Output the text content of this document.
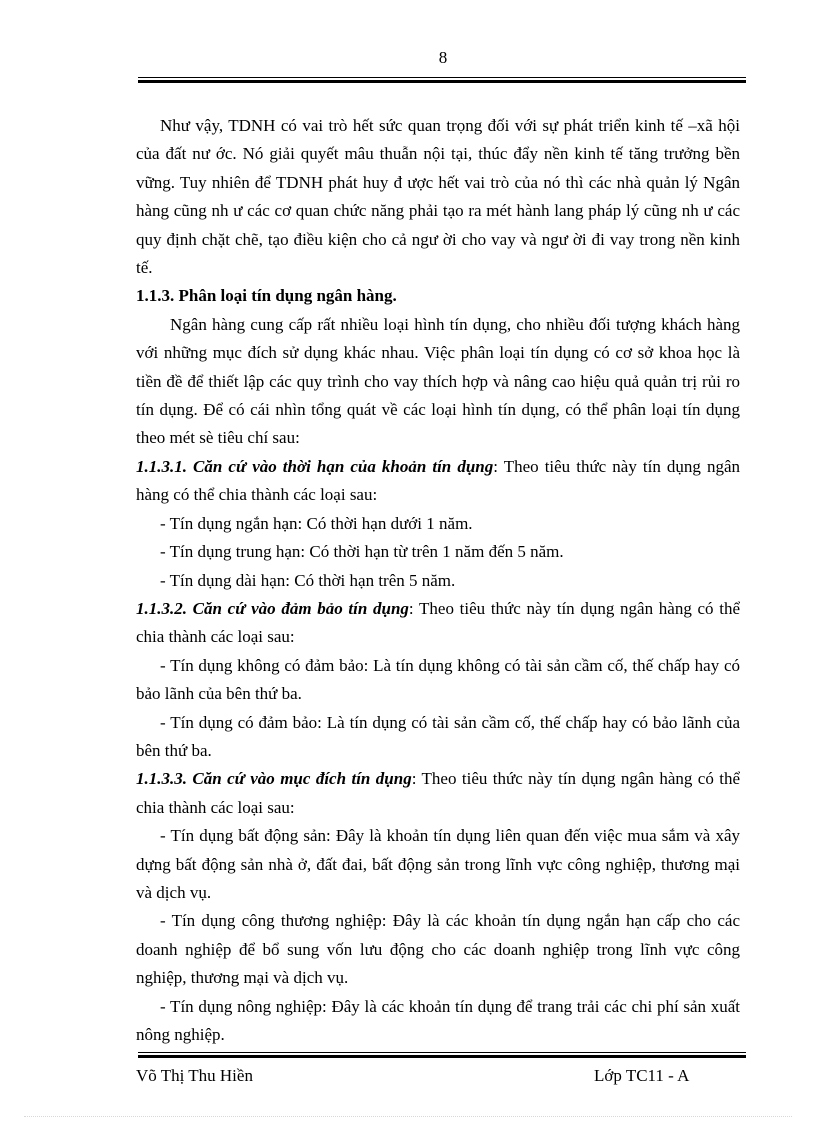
8

Như vậy, TDNH có vai trò hết sức quan trọng đối với sự phát triển kinh tế –xã hội của đất nư ớc. Nó giải quyết mâu thuẫn nội tại, thúc đẩy nền kinh tế tăng trưởng bền vững. Tuy nhiên để TDNH phát huy đ ược hết vai trò của nó thì các nhà quản lý Ngân hàng cũng nh ư các cơ quan chức năng phải tạo ra mét hành lang pháp lý cũng nh ư các quy định chặt chẽ, tạo điều kiện cho cả ngư ời cho vay và ngư ời đi vay trong nền kinh tế.

1.1.3. Phân loại tín dụng ngân hàng.

Ngân hàng cung cấp rất nhiều loại hình tín dụng, cho nhiều đối tượng khách hàng với những mục đích sử dụng khác nhau. Việc phân loại tín dụng có cơ sở khoa học là tiền đề để thiết lập các quy trình cho vay thích hợp và nâng cao hiệu quả quản trị rủi ro tín dụng. Để có cái nhìn tổng quát về các loại hình tín dụng, có thể phân loại tín dụng theo mét sè tiêu chí sau:

1.1.3.1. Căn cứ vào thời hạn của khoản tín dụng: Theo tiêu thức này tín dụng ngân hàng có thể chia thành các loại sau:

- Tín dụng ngắn hạn: Có thời hạn dưới 1 năm.

- Tín dụng trung hạn: Có thời hạn từ trên 1 năm đến 5 năm.

- Tín dụng dài hạn: Có thời hạn trên 5 năm.

1.1.3.2. Căn cứ vào đảm bảo tín dụng: Theo tiêu thức này tín dụng ngân hàng có thể chia thành các loại sau:

- Tín dụng không có đảm bảo: Là tín dụng không có tài sản cầm cố, thế chấp hay có bảo lãnh của bên thứ ba.

- Tín dụng có đảm bảo: Là tín dụng có tài sản cầm cố, thế chấp hay có bảo lãnh của bên thứ ba.

1.1.3.3. Căn cứ vào mục đích tín dụng: Theo tiêu thức này tín dụng ngân hàng có thể chia thành các loại sau:

- Tín dụng bất động sản: Đây là khoản tín dụng liên quan đến việc mua sắm và xây dựng bất động sản nhà ở, đất đai, bất động sản trong lĩnh vực công nghiệp, thương mại và dịch vụ.

- Tín dụng công thương nghiệp: Đây là các khoản tín dụng ngắn hạn cấp cho các doanh nghiệp để bổ sung vốn lưu động cho các doanh nghiệp trong lĩnh vực công nghiệp, thương mại và dịch vụ.

- Tín dụng nông nghiệp: Đây là các khoản tín dụng để trang trải các chi phí sản xuất nông nghiệp.

Võ Thị Thu Hiền	Lớp TC11 - A
